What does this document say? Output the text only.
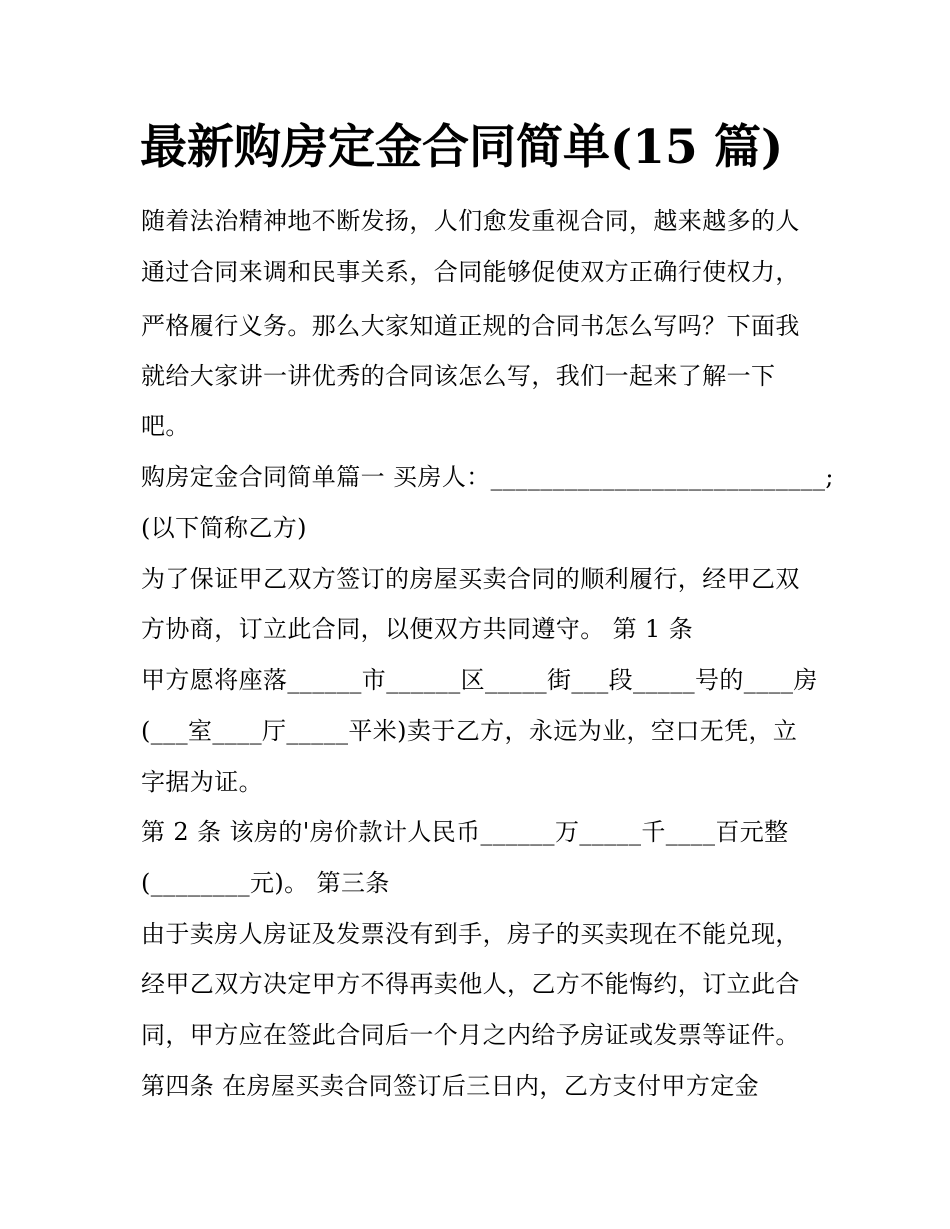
最新购房定金合同简单(15 篇)

随着法治精神地不断发扬，人们愈发重视合同，越来越多的人

通过合同来调和民事关系，合同能够促使双方正确行使权力，

严格履行义务。那么大家知道正规的合同书怎么写吗？下面我

就给大家讲一讲优秀的合同该怎么写，我们一起来了解一下

吧。

购房定金合同简单篇一 买房人：___________________________;

(以下简称乙方)

为了保证甲乙双方签订的房屋买卖合同的顺利履行，经甲乙双

方协商，订立此合同，以便双方共同遵守。 第 1 条

甲方愿将座落______市______区_____街___段_____号的____房

(___室____厅_____平米)卖于乙方，永远为业，空口无凭，立

字据为证。

第 2 条 该房的'房价款计人民币______万_____千____百元整

(________元)。 第三条

由于卖房人房证及发票没有到手，房子的买卖现在不能兑现，

经甲乙双方决定甲方不得再卖他人，乙方不能悔约，订立此合

同，甲方应在签此合同后一个月之内给予房证或发票等证件。

第四条 在房屋买卖合同签订后三日内，乙方支付甲方定金
